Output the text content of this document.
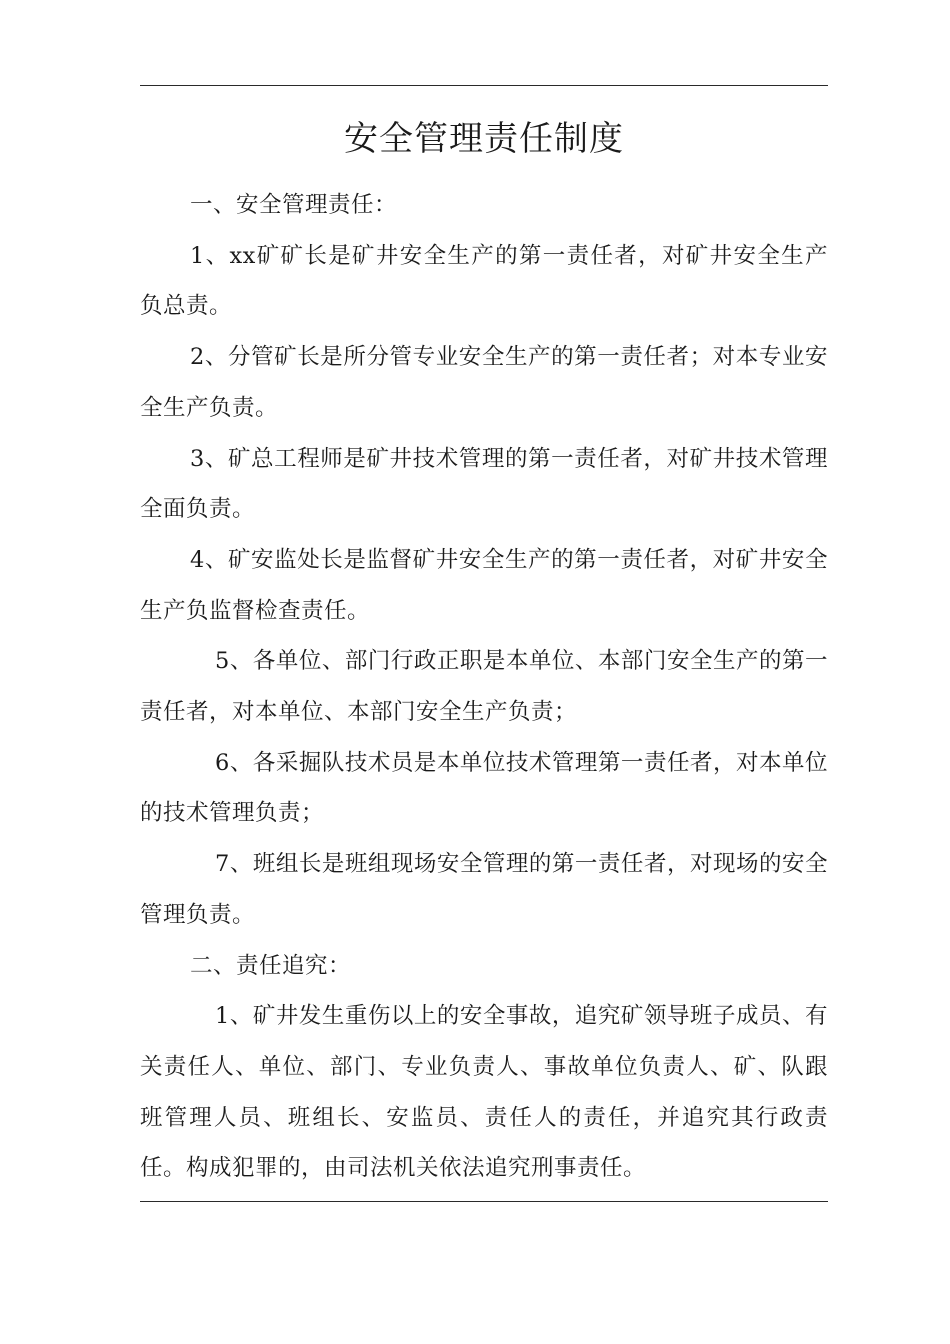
安全管理责任制度

一、安全管理责任：

1、xx矿矿长是矿井安全生产的第一责任者，对矿井安全生产负总责。

2、分管矿长是所分管专业安全生产的第一责任者；对本专业安全生产负责。

3、矿总工程师是矿井技术管理的第一责任者，对矿井技术管理全面负责。

4、矿安监处长是监督矿井安全生产的第一责任者，对矿井安全生产负监督检查责任。

5、各单位、部门行政正职是本单位、本部门安全生产的第一责任者，对本单位、本部门安全生产负责；

6、各采掘队技术员是本单位技术管理第一责任者，对本单位的技术管理负责；

7、班组长是班组现场安全管理的第一责任者，对现场的安全管理负责。

二、责任追究：

1、矿井发生重伤以上的安全事故，追究矿领导班子成员、有关责任人、单位、部门、专业负责人、事故单位负责人、矿、队跟班管理人员、班组长、安监员、责任人的责任，并追究其行政责任。构成犯罪的，由司法机关依法追究刑事责任。
